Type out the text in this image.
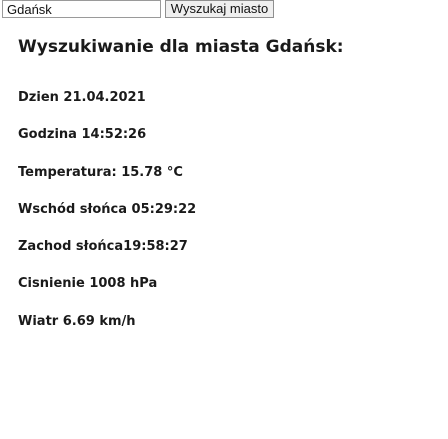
Gdańsk
Wyszukaj miasto
Wyszukiwanie dla miasta Gdańsk:
Dzien 21.04.2021
Godzina 14:52:26
Temperatura: 15.78 °C
Wschód słońca 05:29:22
Zachod słońca19:58:27
Cisnienie 1008 hPa
Wiatr 6.69 km/h
